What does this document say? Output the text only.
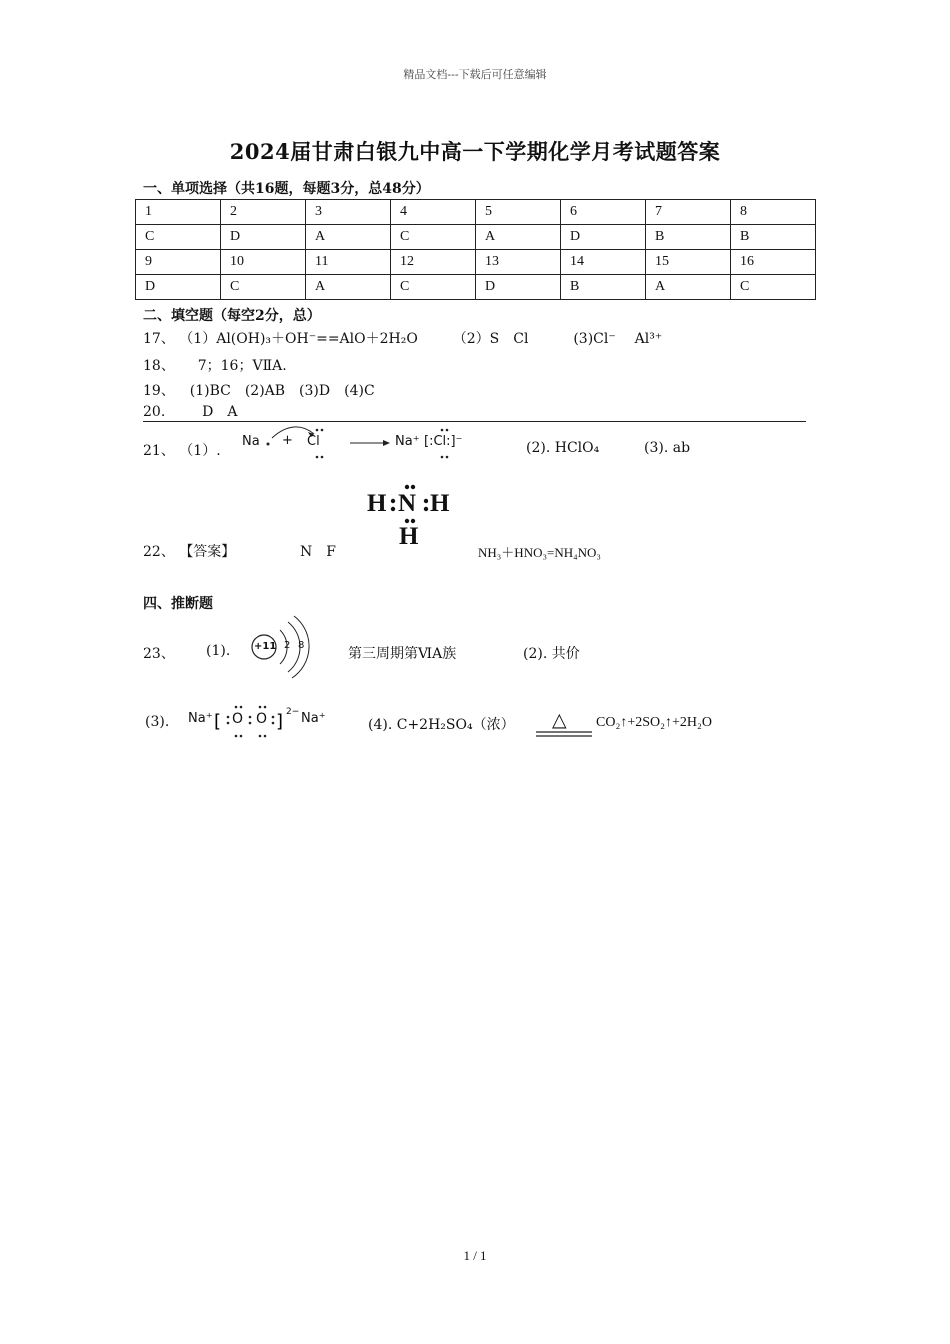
精品文档---下载后可任意编辑
2024届甘肃白银九中高一下学期化学月考试题答案
一、单项选择（共16题，每题3分，总48分）
1	2	3	4	5	6	7	8
C	D	A	C	A	D	B	B
9	10	11	12	13	14	15	16
D	C	A	C	D	B	A	C
二、填空题（每空2分，总）
17、 （1）Al(OH)₃＋OH⁻==AlO＋2H₂O （2）S　Cl	(3)Cl⁻ Al³⁺
18、 7；16；ⅤⅡA.
19、 (1)BC　(2)AB　(3)D　(4)C
20.	D　A
21、 （1）.
Na + Cl	Na⁺ [:Cl:]⁻	(2). HClO₄	(3). ab
22、 【答案】	N　F
H N H
H
NH₃＋HNO₃=NH₄NO₃
四、推断题
23、 (1). +11 2 8
第三周期第ⅥA族	(2). 共价
(3). [	]
Na⁺ O O 2− Na⁺	(4). C+2H₂SO₄（浓） △ CO₂↑+2SO₂↑+2H₂O
1 / 1
